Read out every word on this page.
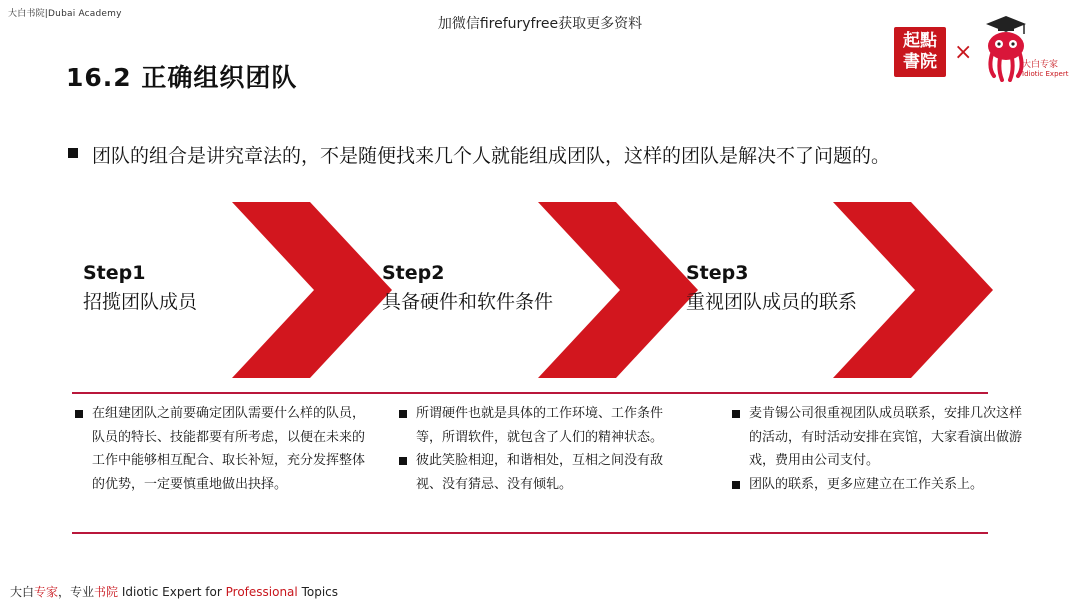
大白书院|Dubai Academy
加微信firefuryfree获取更多资料
16.2 正确组织团队
起點
書院 ×	大白专家
Idiotic Expert
团队的组合是讲究章法的，不是随便找来几个人就能组成团队，这样的团队是解决不了问题的。
Step1
招揽团队成员
Step2
具备硬件和软件条件
Step3
重视团队成员的联系
在组建团队之前要确定团队需要什么样的队员，队员的特长、技能都要有所考虑，以便在未来的工作中能够相互配合、取长补短，充分发挥整体的优势，一定要慎重地做出抉择。
所谓硬件也就是具体的工作环境、工作条件等，所谓软件，就包含了人们的精神状态。
彼此笑脸相迎，和谐相处，互相之间没有敌视、没有猜忌、没有倾轧。
麦肯锡公司很重视团队成员联系，安排几次这样的活动，有时活动安排在宾馆，大家看演出做游戏，费用由公司支付。
团队的联系，更多应建立在工作关系上。
大白专家，专业书院 Idiotic Expert for Professional Topics
